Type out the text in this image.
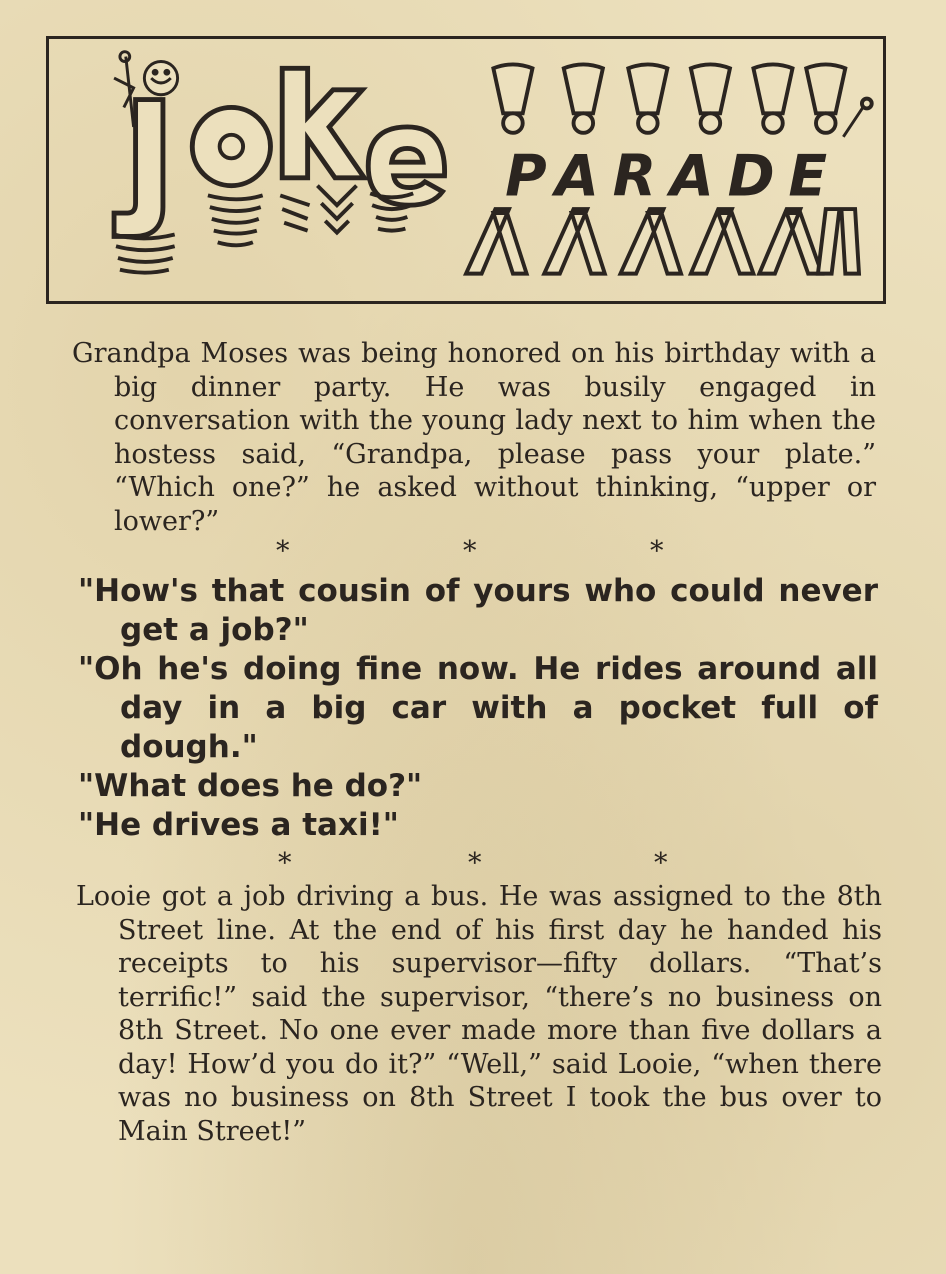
PARADE
Grandpa Moses was being honored on his birthday with a big dinner party. He was busily engaged in conversation with the young lady next to him when the hostess said, “Grandpa, please pass your plate.” “Which one?” he asked without thinking, “upper or lower?”
*	*	*

"How's that cousin of yours who could never get a job?"

"Oh he's doing fine now. He rides around all day in a big car with a pocket full of dough."

"What does he do?"

"He drives a taxi!"

*	*	*
Looie got a job driving a bus. He was assigned to the 8th Street line. At the end of his first day he handed his receipts to his supervisor—fifty dollars. “That’s terrific!” said the supervisor, “there’s no business on 8th Street. No one ever made more than five dollars a day! How’d you do it?” “Well,” said Looie, “when there was no business on 8th Street I took the bus over to Main Street!”
